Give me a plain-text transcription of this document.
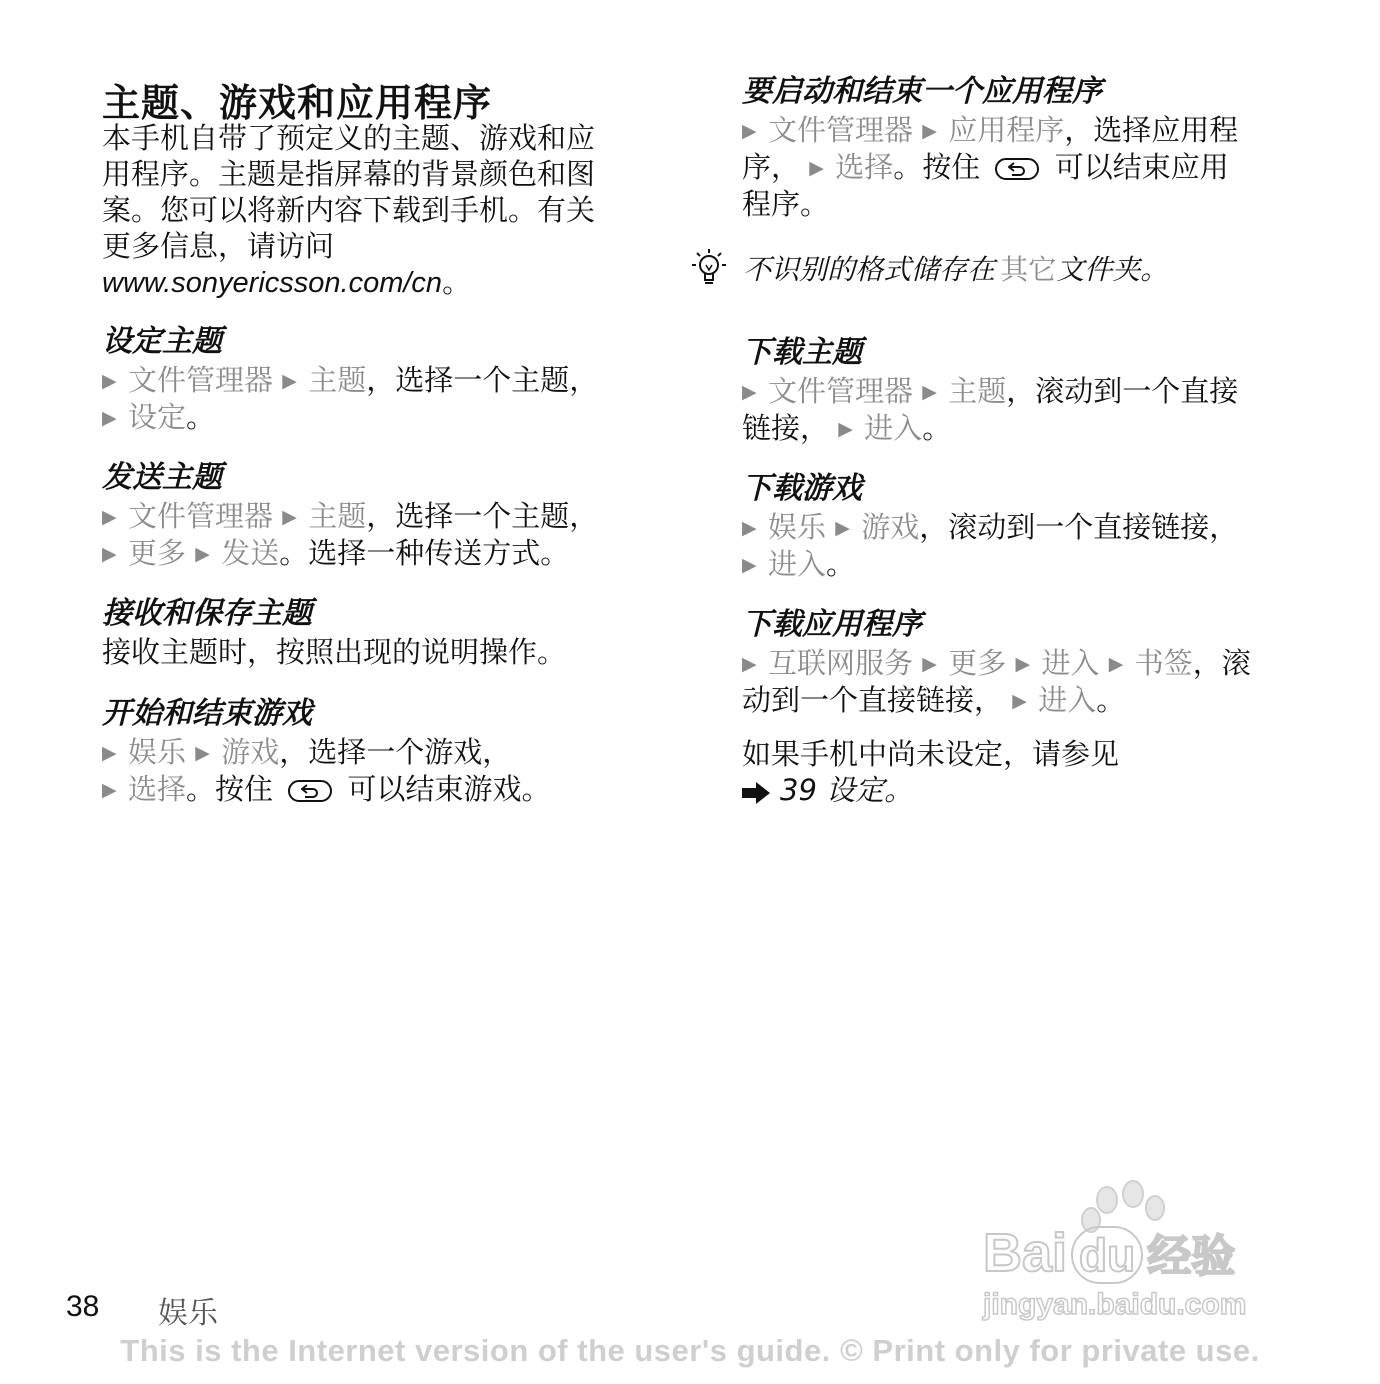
主题、游戏和应用程序
本手机自带了预定义的主题、游戏和应
用程序。主题是指屏幕的背景颜色和图
案。您可以将新内容下载到手机。有关
更多信息，请访问
www.sonyericsson.com/cn。
设定主题
▶ 文件管理器 ▶ 主题，选择一个主题，
▶ 设定。
发送主题
▶ 文件管理器 ▶ 主题，选择一个主题，
▶ 更多 ▶ 发送。选择一种传送方式。
接收和保存主题
接收主题时，按照出现的说明操作。
开始和结束游戏
▶ 娱乐 ▶ 游戏，选择一个游戏，
▶ 选择。按住	可以结束游戏。
要启动和结束一个应用程序
▶ 文件管理器 ▶ 应用程序，选择应用程
序， ▶ 选择。按住	可以结束应用
程序。
不识别的格式储存在 其它文件夹。
下载主题
▶ 文件管理器 ▶ 主题，滚动到一个直接
链接， ▶ 进入。
下载游戏
▶ 娱乐 ▶ 游戏，滚动到一个直接链接，
▶ 进入。
下载应用程序
▶ 互联网服务 ▶ 更多 ▶ 进入 ▶ 书签，滚
动到一个直接链接， ▶ 进入。
如果手机中尚未设定，请参见
39 设定。
Bai du 经验
jingyan.baidu.com
38 娱乐
This is the Internet version of the user's guide. © Print only for private use.
